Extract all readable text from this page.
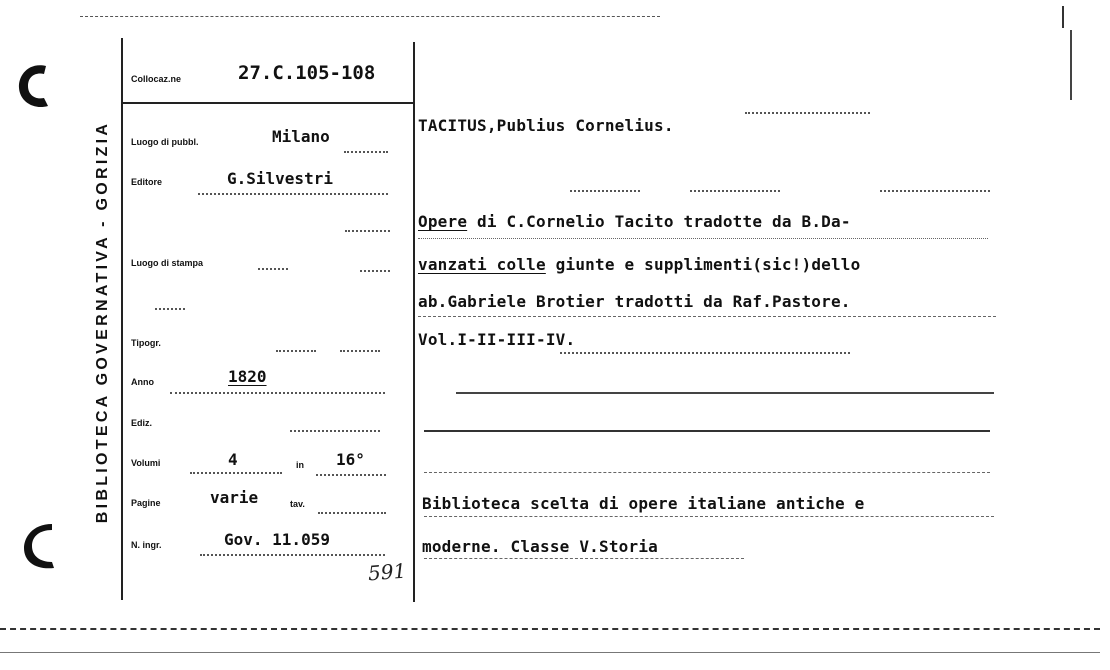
BIBLIOTECA GOVERNATIVA - GORIZIA
Collocaz.ne	27.C.105-108
Luogo di pubbl.	Milano
Editore	G.Silvestri
Luogo di stampa
Tipogr.
Anno	1820
Ediz.
Volumi	4	in 16°
Pagine	varie	tav.
N. ingr.	Gov. 11.059
591
TACITUS,Publius Cornelius.
Opere di C.Cornelio Tacito tradotte da B.Da-
vanzati colle giunte e supplimenti(sic!)dello
ab.Gabriele Brotier tradotti da Raf.Pastore.
Vol.I-II-III-IV.
Biblioteca scelta di opere italiane antiche e
moderne. Classe V.Storia
